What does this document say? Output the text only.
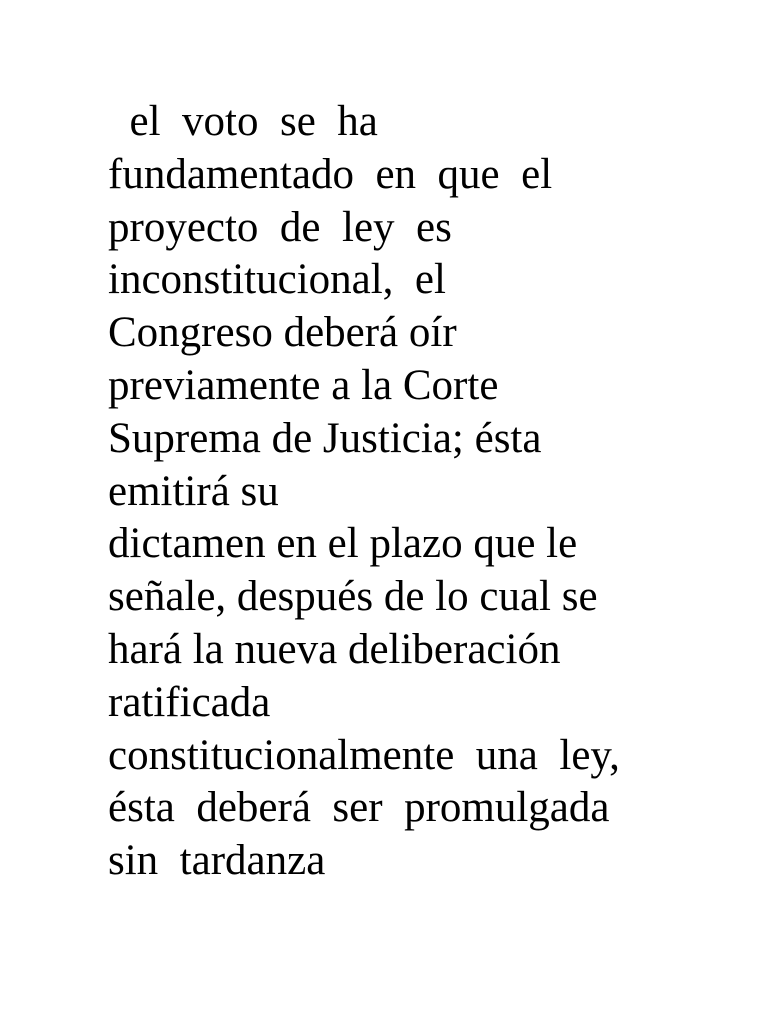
el  voto  se  ha
fundamentado  en  que  el
proyecto  de  ley  es
inconstitucional,  el
Congreso deberá oír
previamente a la Corte
Suprema de Justicia; ésta
emitirá su
dictamen en el plazo que le
señale, después de lo cual se
hará la nueva deliberación
ratificada
constitucionalmente  una  ley,
ésta  deberá  ser  promulgada
sin  tardanza
